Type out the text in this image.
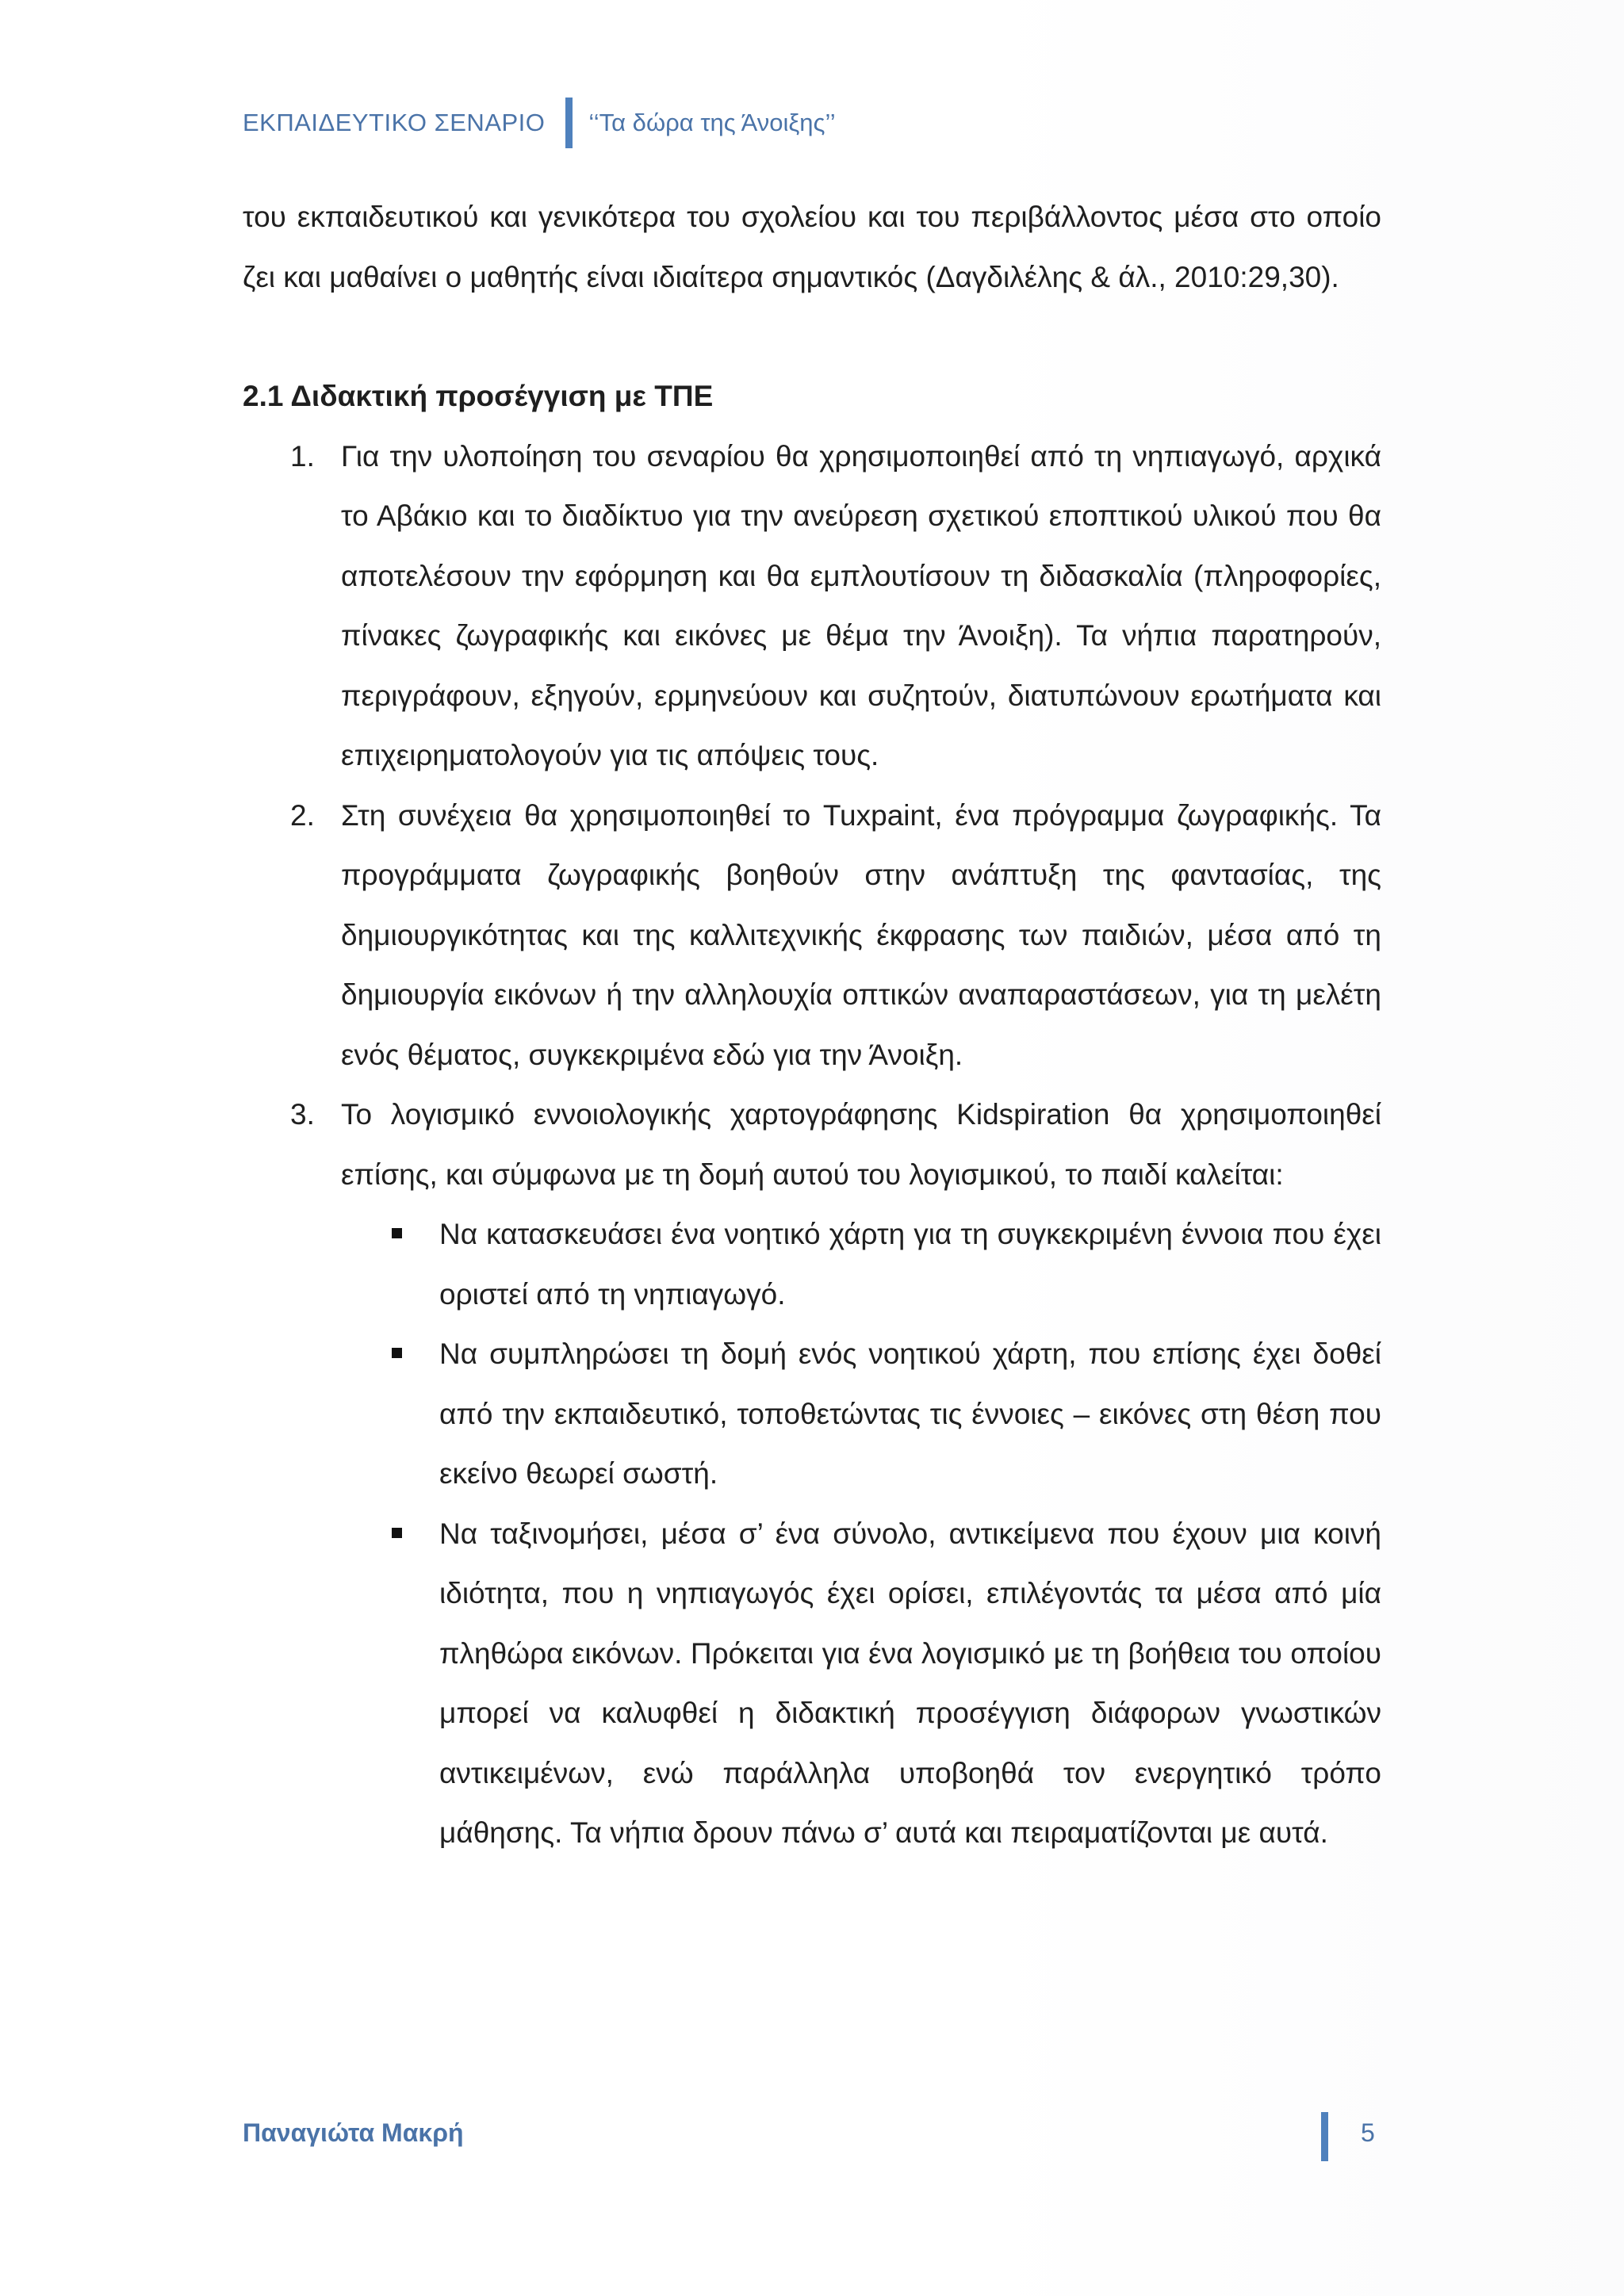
ΕΚΠΑΙΔΕΥΤΙΚΟ ΣΕΝΑΡΙΟ ‘‘Τα δώρα της Άνοιξης’’

του εκπαιδευτικού και γενικότερα του σχολείου και του περιβάλλοντος μέσα στο οποίο ζει και μαθαίνει ο μαθητής είναι ιδιαίτερα σημαντικός (Δαγδιλέλης & άλ., 2010:29,30).

2.1 Διδακτική προσέγγιση με ΤΠΕ

1. Για την υλοποίηση του σεναρίου θα χρησιμοποιηθεί από τη νηπιαγωγό, αρχικά το Αβάκιο και το διαδίκτυο για την ανεύρεση σχετικού εποπτικού υλικού που θα αποτελέσουν την εφόρμηση και θα εμπλουτίσουν τη διδασκαλία (πληροφορίες, πίνακες ζωγραφικής και εικόνες με θέμα την Άνοιξη). Τα νήπια παρατηρούν, περιγράφουν, εξηγούν, ερμηνεύουν και συζητούν, διατυπώνουν ερωτήματα και επιχειρηματολογούν για τις απόψεις τους.
2. Στη συνέχεια θα χρησιμοποιηθεί το Tuxpaint, ένα πρόγραμμα ζωγραφικής. Τα προγράμματα ζωγραφικής βοηθούν στην ανάπτυξη της φαντασίας, της δημιουργικότητας και της καλλιτεχνικής έκφρασης των παιδιών, μέσα από τη δημιουργία εικόνων ή την αλληλουχία οπτικών αναπαραστάσεων, για τη μελέτη ενός θέματος, συγκεκριμένα εδώ για την Άνοιξη.
3. Το λογισμικό εννοιολογικής χαρτογράφησης Kidspiration θα χρησιμοποιηθεί επίσης, και σύμφωνα με τη δομή αυτού του λογισμικού, το παιδί καλείται:
Να κατασκευάσει ένα νοητικό χάρτη για τη συγκεκριμένη έννοια που έχει οριστεί από τη νηπιαγωγό.
Να συμπληρώσει τη δομή ενός νοητικού χάρτη, που επίσης έχει δοθεί από την εκπαιδευτικό, τοποθετώντας τις έννοιες – εικόνες στη θέση που εκείνο θεωρεί σωστή.
Να ταξινομήσει, μέσα σ’ ένα σύνολο, αντικείμενα που έχουν μια κοινή ιδιότητα, που η νηπιαγωγός έχει ορίσει, επιλέγοντάς τα μέσα από μία πληθώρα εικόνων. Πρόκειται για ένα λογισμικό με τη βοήθεια του οποίου μπορεί να καλυφθεί η διδακτική προσέγγιση διάφορων γνωστικών αντικειμένων, ενώ παράλληλα υποβοηθά τον ενεργητικό τρόπο μάθησης. Τα νήπια δρουν πάνω σ’ αυτά και πειραματίζονται με αυτά.
Παναγιώτα Μακρή	5
